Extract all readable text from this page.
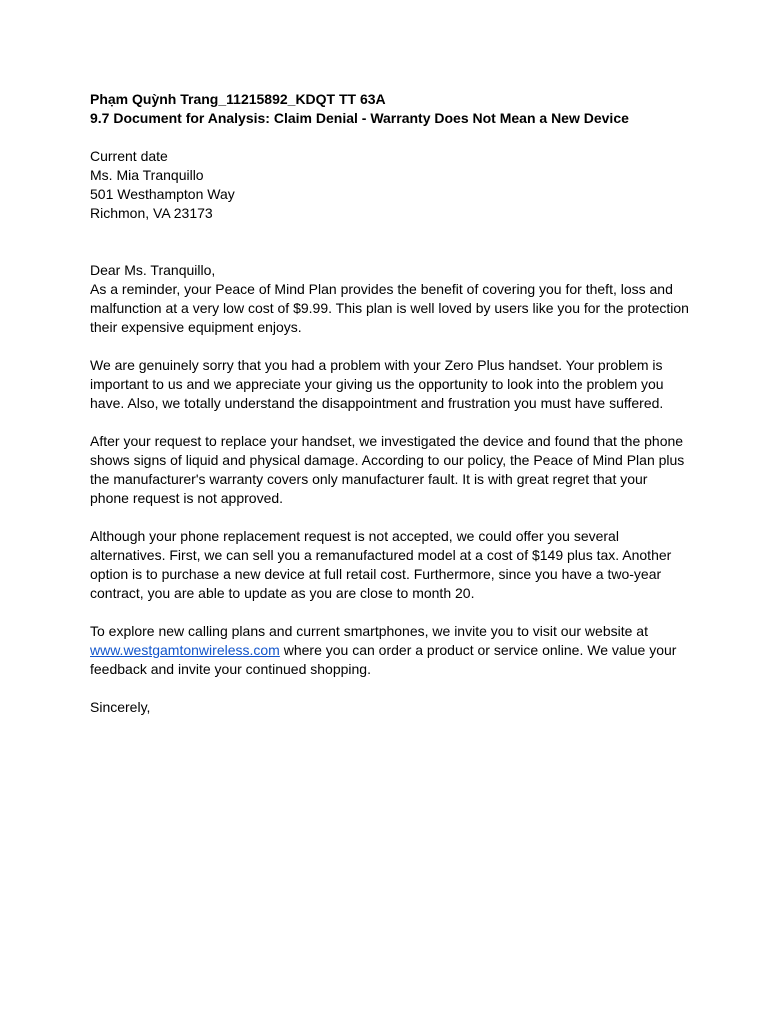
Phạm Quỳnh Trang_11215892_KDQT TT 63A

9.7 Document for Analysis: Claim Denial - Warranty Does Not Mean a New Device

Current date

Ms. Mia Tranquillo

501 Westhampton Way

Richmon, VA 23173

Dear Ms. Tranquillo,

As a reminder, your Peace of Mind Plan provides the benefit of covering you for theft, loss and malfunction at a very low cost of $9.99. This plan is well loved by users like you for the protection their expensive equipment enjoys.

We are genuinely sorry that you had a problem with your Zero Plus handset. Your problem is important to us and we appreciate your giving us the opportunity to look into the problem you have. Also, we totally understand the disappointment and frustration you must have suffered.

After your request to replace your handset, we investigated the device and found that the phone shows signs of liquid and physical damage. According to our policy, the Peace of Mind Plan plus the manufacturer's warranty covers only manufacturer fault. It is with great regret that your phone request is not approved.

Although your phone replacement request is not accepted, we could offer you several alternatives. First, we can sell you a remanufactured model at a cost of $149 plus tax. Another option is to purchase a new device at full retail cost. Furthermore, since you have a two-year contract, you are able to update as you are close to month 20.

To explore new calling plans and current smartphones, we invite you to visit our website at
www.westgamtonwireless.com where you can order a product or service online. We value your feedback and invite your continued shopping.

Sincerely,
